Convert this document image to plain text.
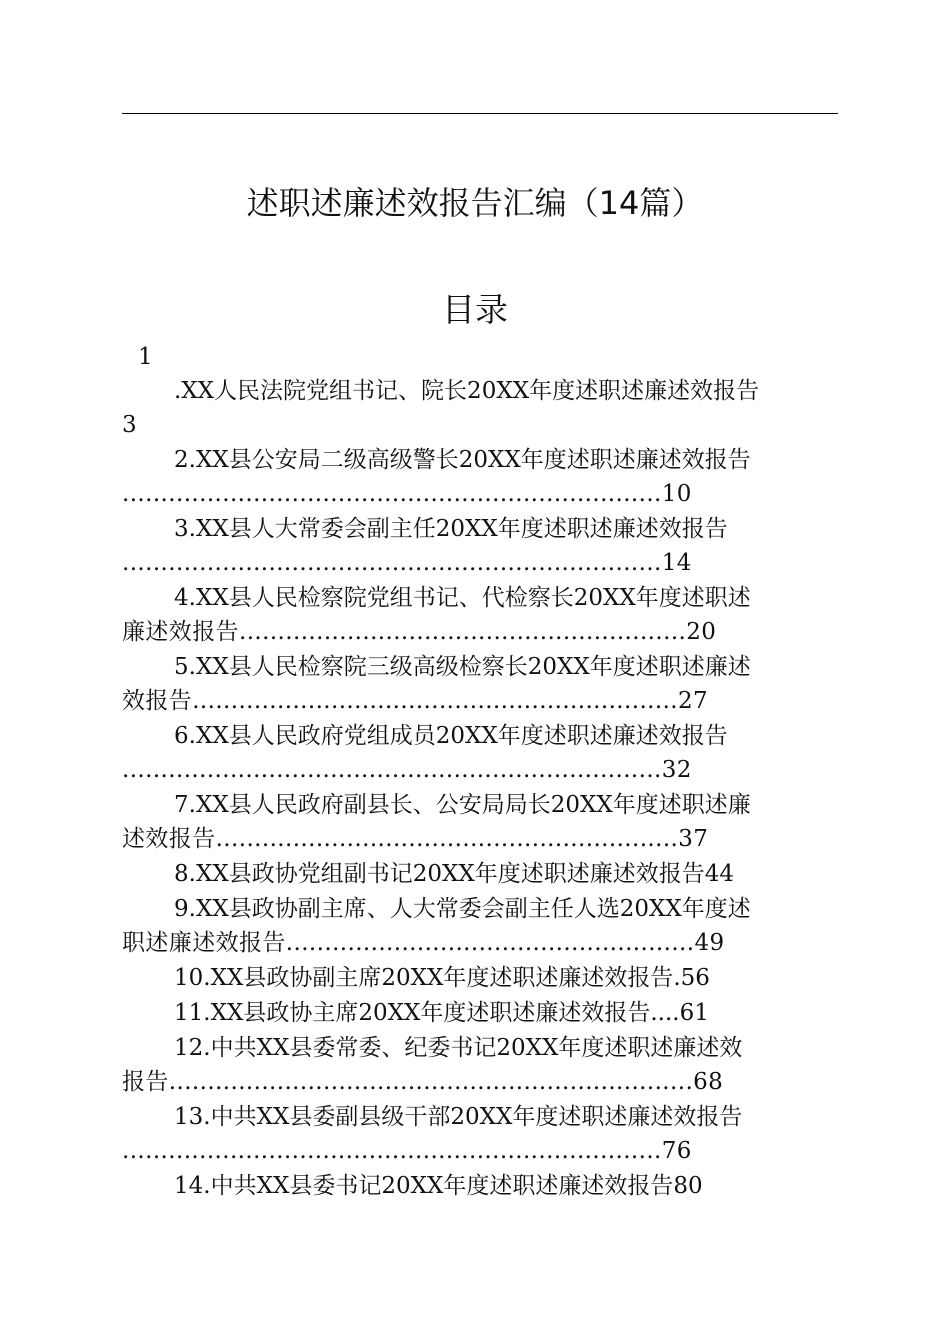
述职述廉述效报告汇编（14篇）
目录
1
.XX人民法院党组书记、院长20XX年度述职述廉述效报告
3
2.XX县公安局二级高级警长20XX年度述职述廉述效报告
......................................................................10
3.XX县人大常委会副主任20XX年度述职述廉述效报告
......................................................................14
4.XX县人民检察院党组书记、代检察长20XX年度述职述
廉述效报告..........................................................20
5.XX县人民检察院三级高级检察长20XX年度述职述廉述
效报告...............................................................27
6.XX县人民政府党组成员20XX年度述职述廉述效报告
......................................................................32
7.XX县人民政府副县长、公安局局长20XX年度述职述廉
述效报告............................................................37
8.XX县政协党组副书记20XX年度述职述廉述效报告44
9.XX县政协副主席、人大常委会副主任人选20XX年度述
职述廉述效报告.....................................................49
10.XX县政协副主席20XX年度述职述廉述效报告.56
11.XX县政协主席20XX年度述职述廉述效报告....61
12.中共XX县委常委、纪委书记20XX年度述职述廉述效
报告....................................................................68
13.中共XX县委副县级干部20XX年度述职述廉述效报告
......................................................................76
14.中共XX县委书记20XX年度述职述廉述效报告80
